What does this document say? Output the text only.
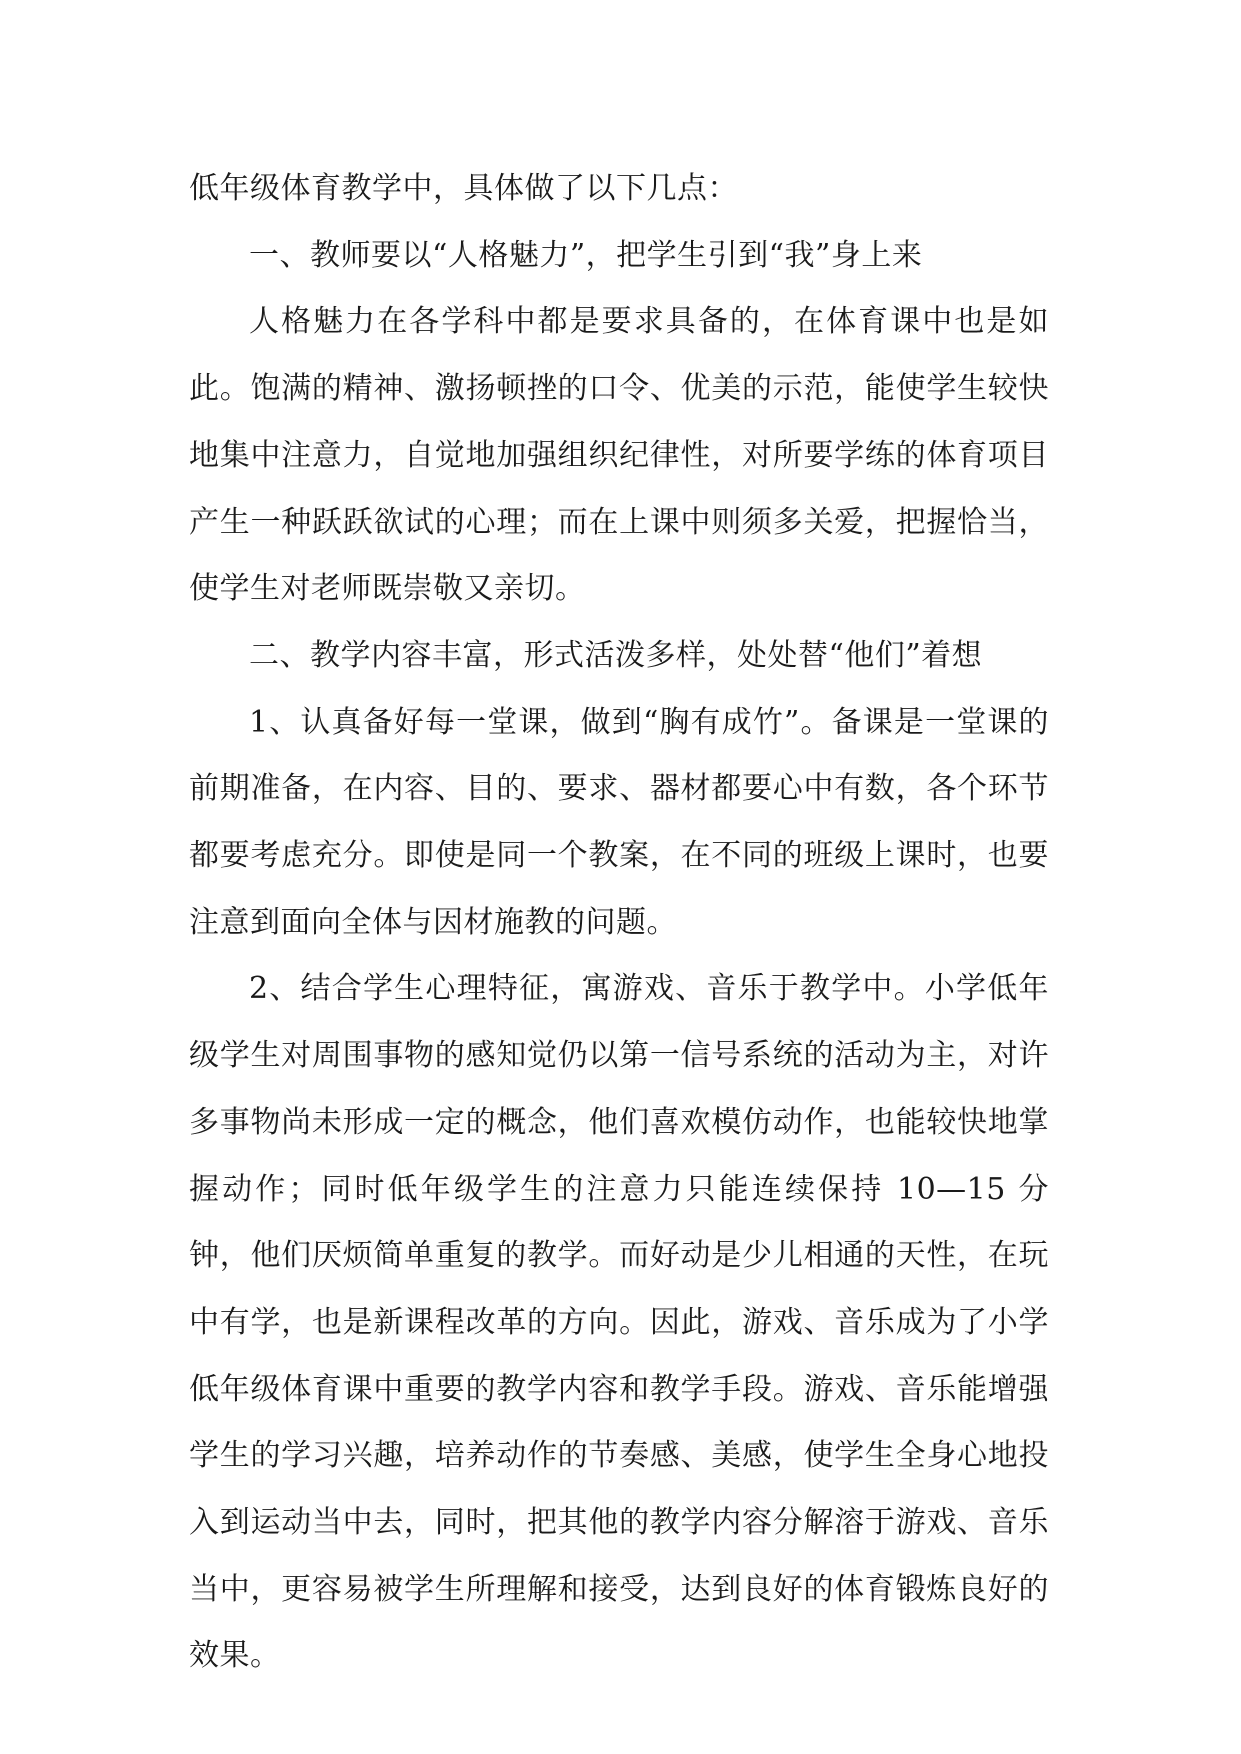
低年级体育教学中，具体做了以下几点：

一、教师要以“人格魅力”，把学生引到“我”身上来

人格魅力在各学科中都是要求具备的，在体育课中也是如此。饱满的精神、激扬顿挫的口令、优美的示范，能使学生较快地集中注意力，自觉地加强组织纪律性，对所要学练的体育项目产生一种跃跃欲试的心理；而在上课中则须多关爱，把握恰当，使学生对老师既崇敬又亲切。

二、教学内容丰富，形式活泼多样，处处替“他们”着想

1、认真备好每一堂课，做到“胸有成竹”。备课是一堂课的前期准备，在内容、目的、要求、器材都要心中有数，各个环节都要考虑充分。即使是同一个教案，在不同的班级上课时，也要注意到面向全体与因材施教的问题。

2、结合学生心理特征，寓游戏、音乐于教学中。小学低年级学生对周围事物的感知觉仍以第一信号系统的活动为主，对许多事物尚未形成一定的概念，他们喜欢模仿动作，也能较快地掌握动作；同时低年级学生的注意力只能连续保持 10—15 分钟，他们厌烦简单重复的教学。而好动是少儿相通的天性，在玩中有学，也是新课程改革的方向。因此，游戏、音乐成为了小学低年级体育课中重要的教学内容和教学手段。游戏、音乐能增强学生的学习兴趣，培养动作的节奏感、美感，使学生全身心地投入到运动当中去，同时，把其他的教学内容分解溶于游戏、音乐当中，更容易被学生所理解和接受，达到良好的体育锻炼良好的效果。
